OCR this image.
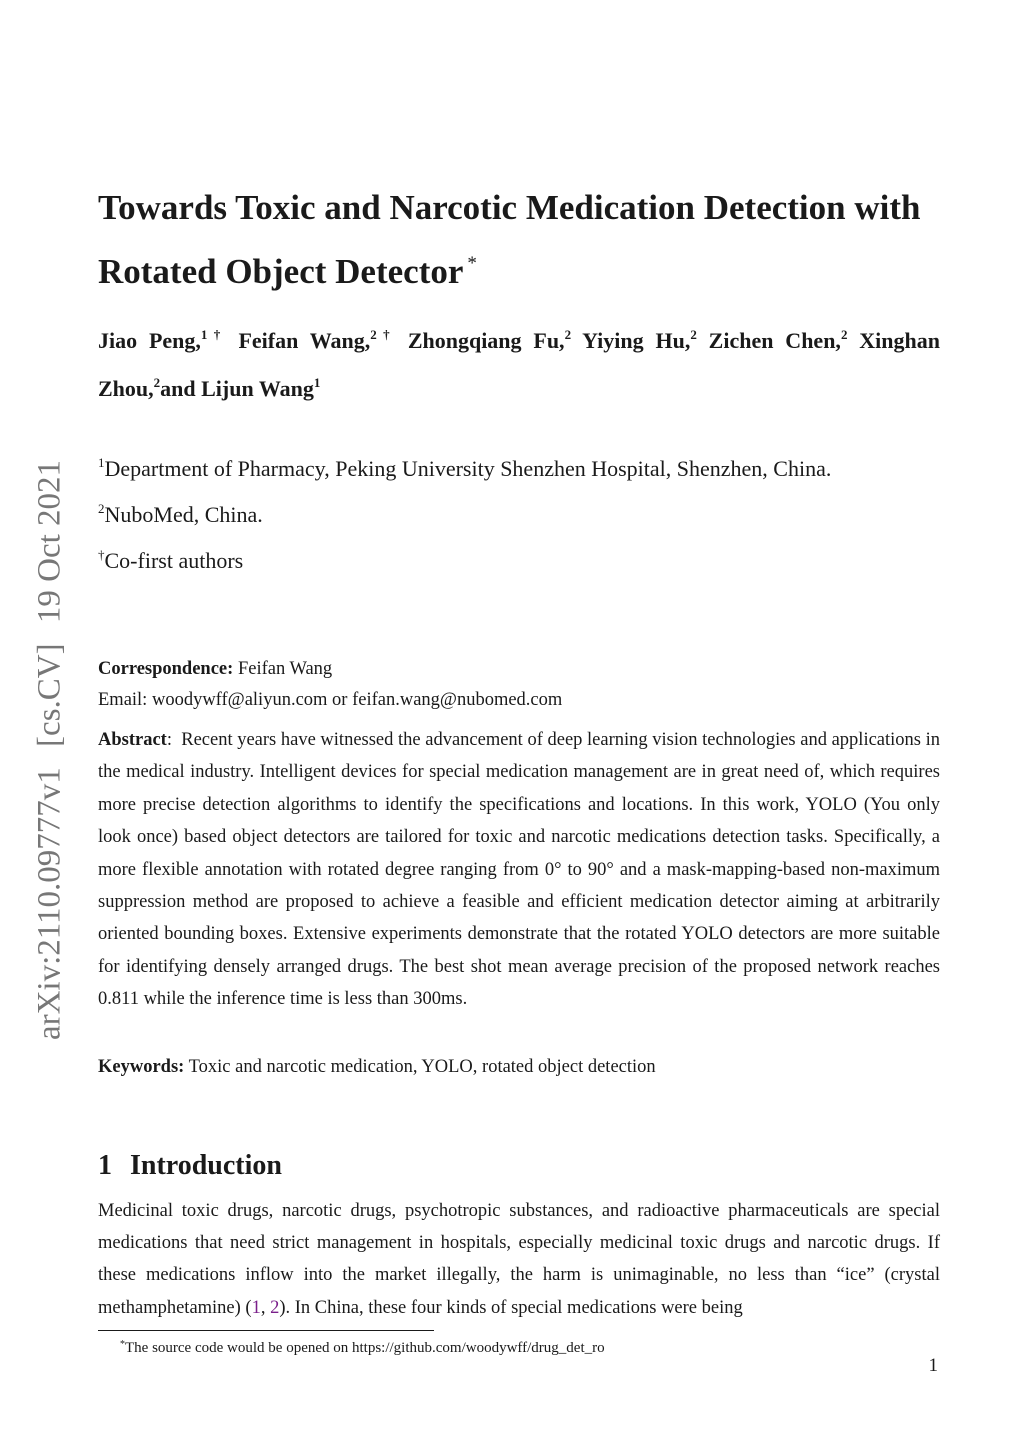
arXiv:2110.09777v1 [cs.CV] 19 Oct 2021
Towards Toxic and Narcotic Medication Detection with Rotated Object Detector *
Jiao Peng,$^{1\dagger}$ Feifan Wang,$^{2\dagger}$ Zhongqiang Fu,$^2$ Yiying Hu,$^2$ Zichen Chen,$^2$ Xinghan Zhou,$^2$and Lijun Wang$^1$
$^1$Department of Pharmacy, Peking University Shenzhen Hospital, Shenzhen, China.
$^2$NuboMed, China.
†Co-first authors
Correspondence: Feifan Wang
Email: woodywff@aliyun.com or feifan.wang@nubomed.com
Abstract:  Recent years have witnessed the advancement of deep learning vision technologies and applications in the medical industry. Intelligent devices for special medication management are in great need of, which requires more precise detection algorithms to identify the specifications and locations. In this work, YOLO (You only look once) based object detectors are tailored for toxic and narcotic medications detection tasks. Specifically, a more flexible annotation with rotated degree ranging from 0° to 90° and a mask-mapping-based non-maximum suppression method are proposed to achieve a feasible and efficient medication detector aiming at arbitrarily oriented bounding boxes. Extensive experiments demonstrate that the rotated YOLO detectors are more suitable for identifying densely arranged drugs. The best shot mean average precision of the proposed network reaches 0.811 while the inference time is less than 300ms.
Keywords: Toxic and narcotic medication, YOLO, rotated object detection
1 Introduction
Medicinal toxic drugs, narcotic drugs, psychotropic substances, and radioactive pharmaceuticals are special medications that need strict management in hospitals, especially medicinal toxic drugs and narcotic drugs. If these medications inflow into the market illegally, the harm is unimaginable, no less than “ice” (crystal methamphetamine) (1, 2). In China, these four kinds of special medications were being
*The source code would be opened on https://github.com/woodywff/drug_det_ro
1
